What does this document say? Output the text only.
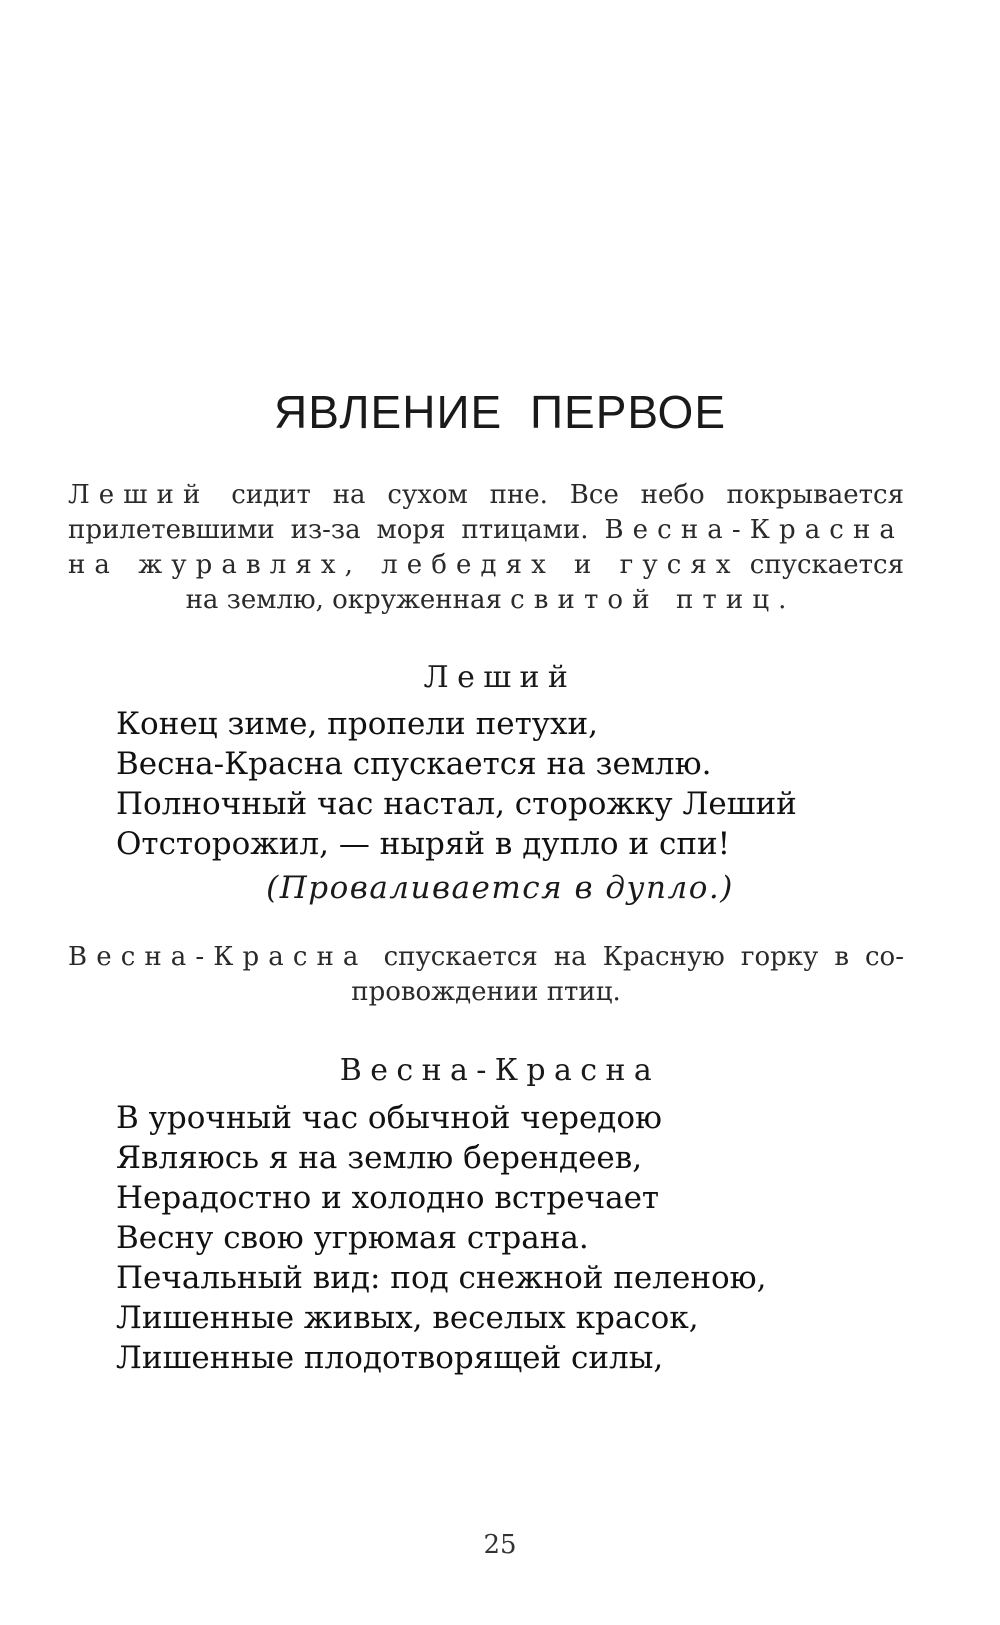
ЯВЛЕНИЕ ПЕРВОЕ
Леший сидит на сухом пне. Все небо покрывается
прилетевшими из-за моря птицами. Весна-Красна
на журавлях, лебедях и гусях спускается
на землю, окруженная свитой птиц.

Леший

Конец зиме, пропели петухи,
Весна-Красна спускается на землю.
Полночный час настал, сторожку Леший
Отсторожил, — ныряй в дупло и спи!

(Проваливается в дупло.)

Весна-Красна спускается на Красную горку в со-
провождении птиц.

Весна-Красна

В урочный час обычной чередою
Являюсь я на землю берендеев,
Нерадостно и холодно встречает
Весну свою угрюмая страна.
Печальный вид: под снежной пеленою,
Лишенные живых, веселых красок,
Лишенные плодотворящей силы,

25
